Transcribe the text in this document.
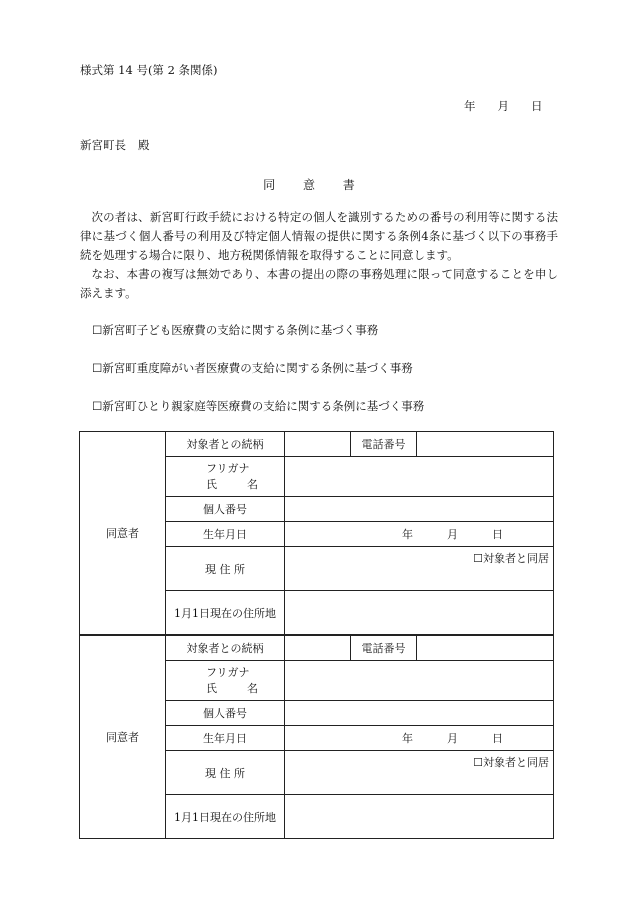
様式第 14 号(第 2 条関係)
年 月 日
新宮町長 殿
同 意 書

次の者は、新宮町行政手続における特定の個人を識別するための番号の利用等に関する法律に基づく個人番号の利用及び特定個人情報の提供に関する条例4条に基づく以下の事務手続を処理する場合に限り、地方税関係情報を取得することに同意します。

なお、本書の複写は無効であり、本書の提出の際の事務処理に限って同意することを申し添えます。

☐新宮町子ども医療費の支給に関する条例に基づく事務
☐新宮町重度障がい者医療費の支給に関する条例に基づく事務
☐新宮町ひとり親家庭等医療費の支給に関する条例に基づく事務
同意者	対象者との続柄		電話番号	
	フリガナ
氏 名			

	個人番号			
	生年月日	年 月 日		
	現 住 所	☐対象者と同居		
	1月1日現在の住所地			
同意者	対象者との続柄		電話番号	
	フリガナ
氏 名			

	個人番号			
	生年月日	年 月 日		
	現 住 所	☐対象者と同居		
	1月1日現在の住所地			
